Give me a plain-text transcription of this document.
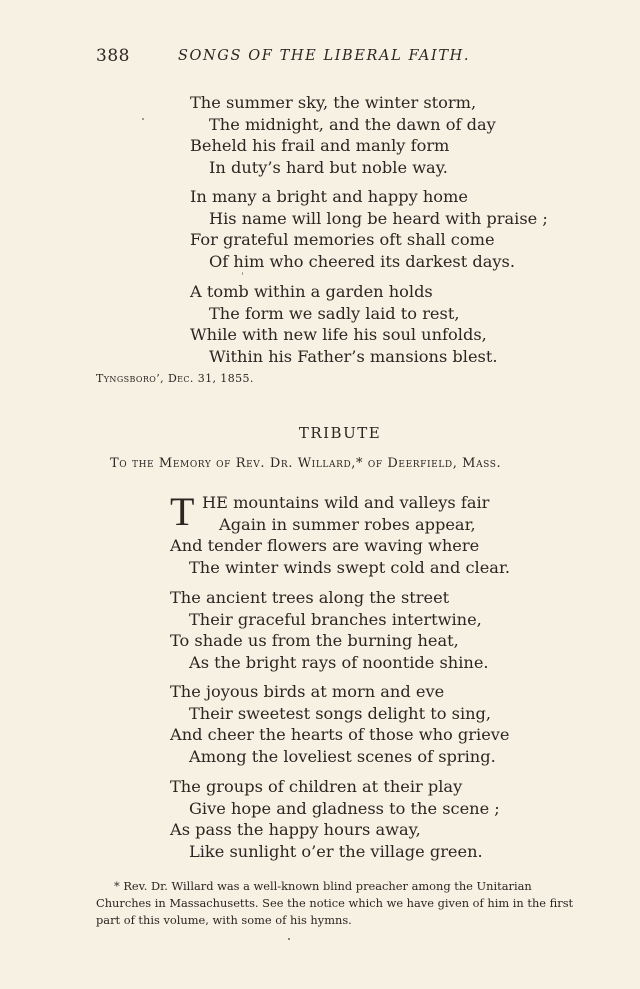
388	SONGS OF THE LIBERAL FAITH.
The summer sky, the winter storm,
The midnight, and the dawn of day
Beheld his frail and manly form
In duty’s hard but noble way.
In many a bright and happy home
His name will long be heard with praise ;
For grateful memories oft shall come
Of him who cheered its darkest days.
A tomb within a garden holds
The form we sadly laid to rest,
While with new life his soul unfolds,
Within his Father’s mansions blest.
Tyngsboro’, Dec. 31, 1855.
TRIBUTE
To the Memory of Rev. Dr. Willard,* of Deerfield, Mass.
T HE mountains wild and valleys fair
Again in summer robes appear,
And tender flowers are waving where
The winter winds swept cold and clear.
The ancient trees along the street
Their graceful branches intertwine,
To shade us from the burning heat,
As the bright rays of noontide shine.
The joyous birds at morn and eve
Their sweetest songs delight to sing,
And cheer the hearts of those who grieve
Among the loveliest scenes of spring.
The groups of children at their play
Give hope and gladness to the scene ;
As pass the happy hours away,
Like sunlight o’er the village green.
* Rev. Dr. Willard was a well-known blind preacher among the Unitarian
Churches in Massachusetts. See the notice which we have given of him in the first
part of this volume, with some of his hymns.
